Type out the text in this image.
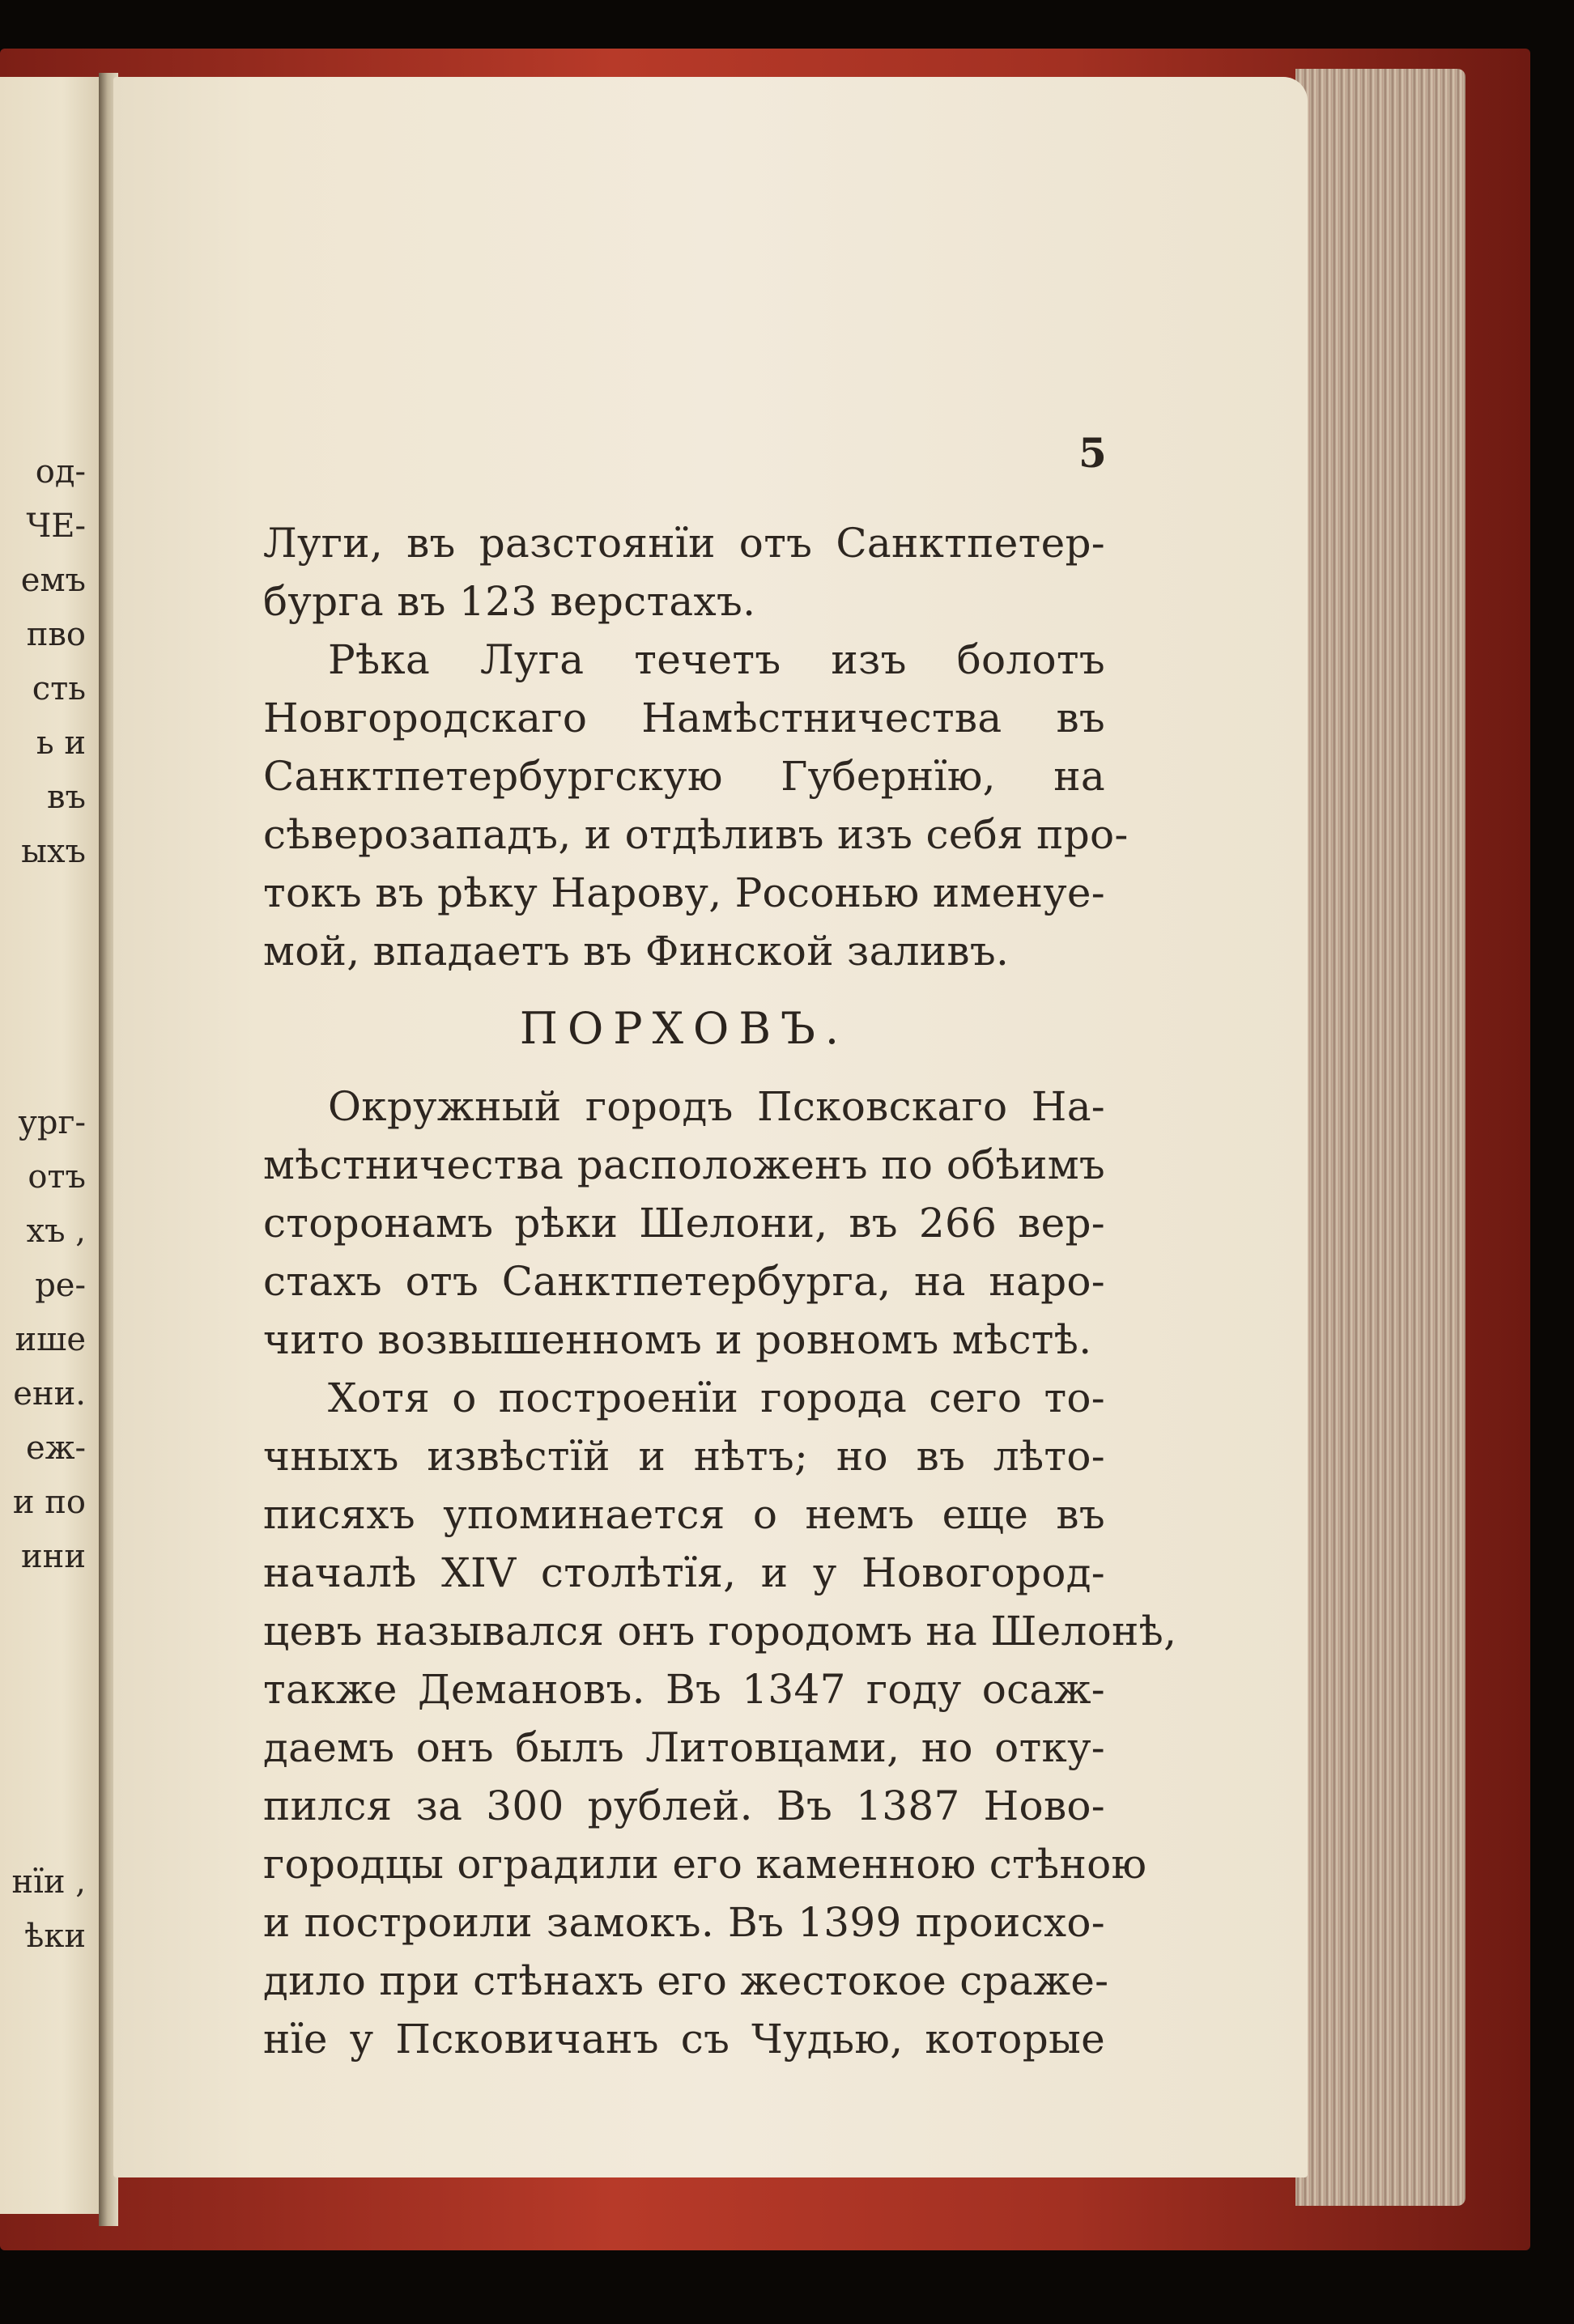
од-
ЧЕ-
емъ
пво
сть
ь и
въ
ыхъ
ург-
отъ
хъ ,
ре-
ише
ени.
еж-
и по
ини
нїи ,
ѣки
5
Луги, въ разстоянїи отъ Санктпетер-
бурга въ 123 верстахъ.
Рѣка Луга течетъ изъ болотъ
Новгородскаго Намѣстничества въ
Санктпетербургскую Губернїю, на
сѣверозападъ, и отдѣливъ изъ себя про-
токъ въ рѣку Нарову, Росонью именуе-
мой, впадаетъ въ Финской заливъ.
ПОРХОВЪ.
Окружный городъ Псковскаго На-
мѣстничества расположенъ по обѣимъ
сторонамъ рѣки Шелони, въ 266 вер-
стахъ отъ Санктпетербурга, на наро-
чито возвышенномъ и ровномъ мѣстѣ.
Хотя о построенїи города сего то-
чныхъ извѣстїй и нѣтъ; но въ лѣто-
писяхъ упоминается о немъ еще въ
началѣ XIV столѣтїя, и у Новогород-
цевъ назывался онъ городомъ на Шелонѣ,
также Демановъ. Въ 1347 году осаж-
даемъ онъ былъ Литовцами, но отку-
пился за 300 рублей. Въ 1387 Ново-
городцы оградили его каменною стѣною
и построили замокъ. Въ 1399 происхо-
дило при стѣнахъ его жестокое сраже-
нїе у Псковичанъ съ Чудью, которые
